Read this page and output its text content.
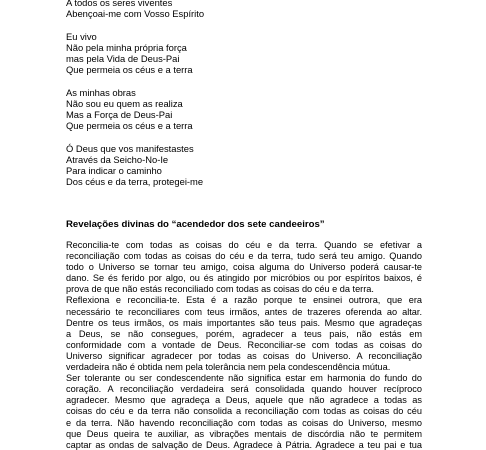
A todos os seres viventes
Abençoai-me com Vosso Espírito
Eu vivo
Não pela minha própria força
mas pela Vida de Deus-Pai
Que permeia os céus e a terra
As minhas obras
Não sou eu quem as realiza
Mas a Força de Deus-Pai
Que permeia os céus e a terra
Ó Deus que vos manifestastes
Através da Seicho-No-Ie
Para indicar o caminho
Dos céus e da terra, protegei-me
Revelações divinas do “acendedor dos sete candeeiros”
Reconcilia-te com todas as coisas do céu e da terra. Quando se efetivar a
reconciliação com todas as coisas do céu e da terra, tudo será teu amigo. Quando
todo o Universo se tornar teu amigo, coisa alguma do Universo poderá causar-te
dano. Se és ferido por algo, ou és atingido por micróbios ou por espíritos baixos, é
prova de que não estás reconciliado com todas as coisas do céu e da terra.
Reflexiona e reconcilia-te. Esta é a razão porque te ensinei outrora, que era
necessário te reconciliares com teus irmãos, antes de trazeres oferenda ao altar.
Dentre os teus irmãos, os mais importantes são teus pais. Mesmo que agradeças
a Deus, se não consegues, porém, agradecer a teus pais, não estás em
conformidade com a vontade de Deus. Reconciliar-se com todas as coisas do
Universo significar agradecer por todas as coisas do Universo. A reconciliação
verdadeira não é obtida nem pela tolerância nem pela condescendência mútua.
Ser tolerante ou ser condescendente não significa estar em harmonia do fundo do
coração. A reconciliação verdadeira será consolidada quando houver recíproco
agradecer. Mesmo que agradeça a Deus, aquele que não agradece a todas as
coisas do céu e da terra não consolida a reconciliação com todas as coisas do céu
e da terra. Não havendo reconciliação com todas as coisas do Universo, mesmo
que Deus queira te auxiliar, as vibrações mentais de discórdia não te permitem
captar as ondas de salvação de Deus. Agradece à Pátria. Agradece a teu pai e tua
